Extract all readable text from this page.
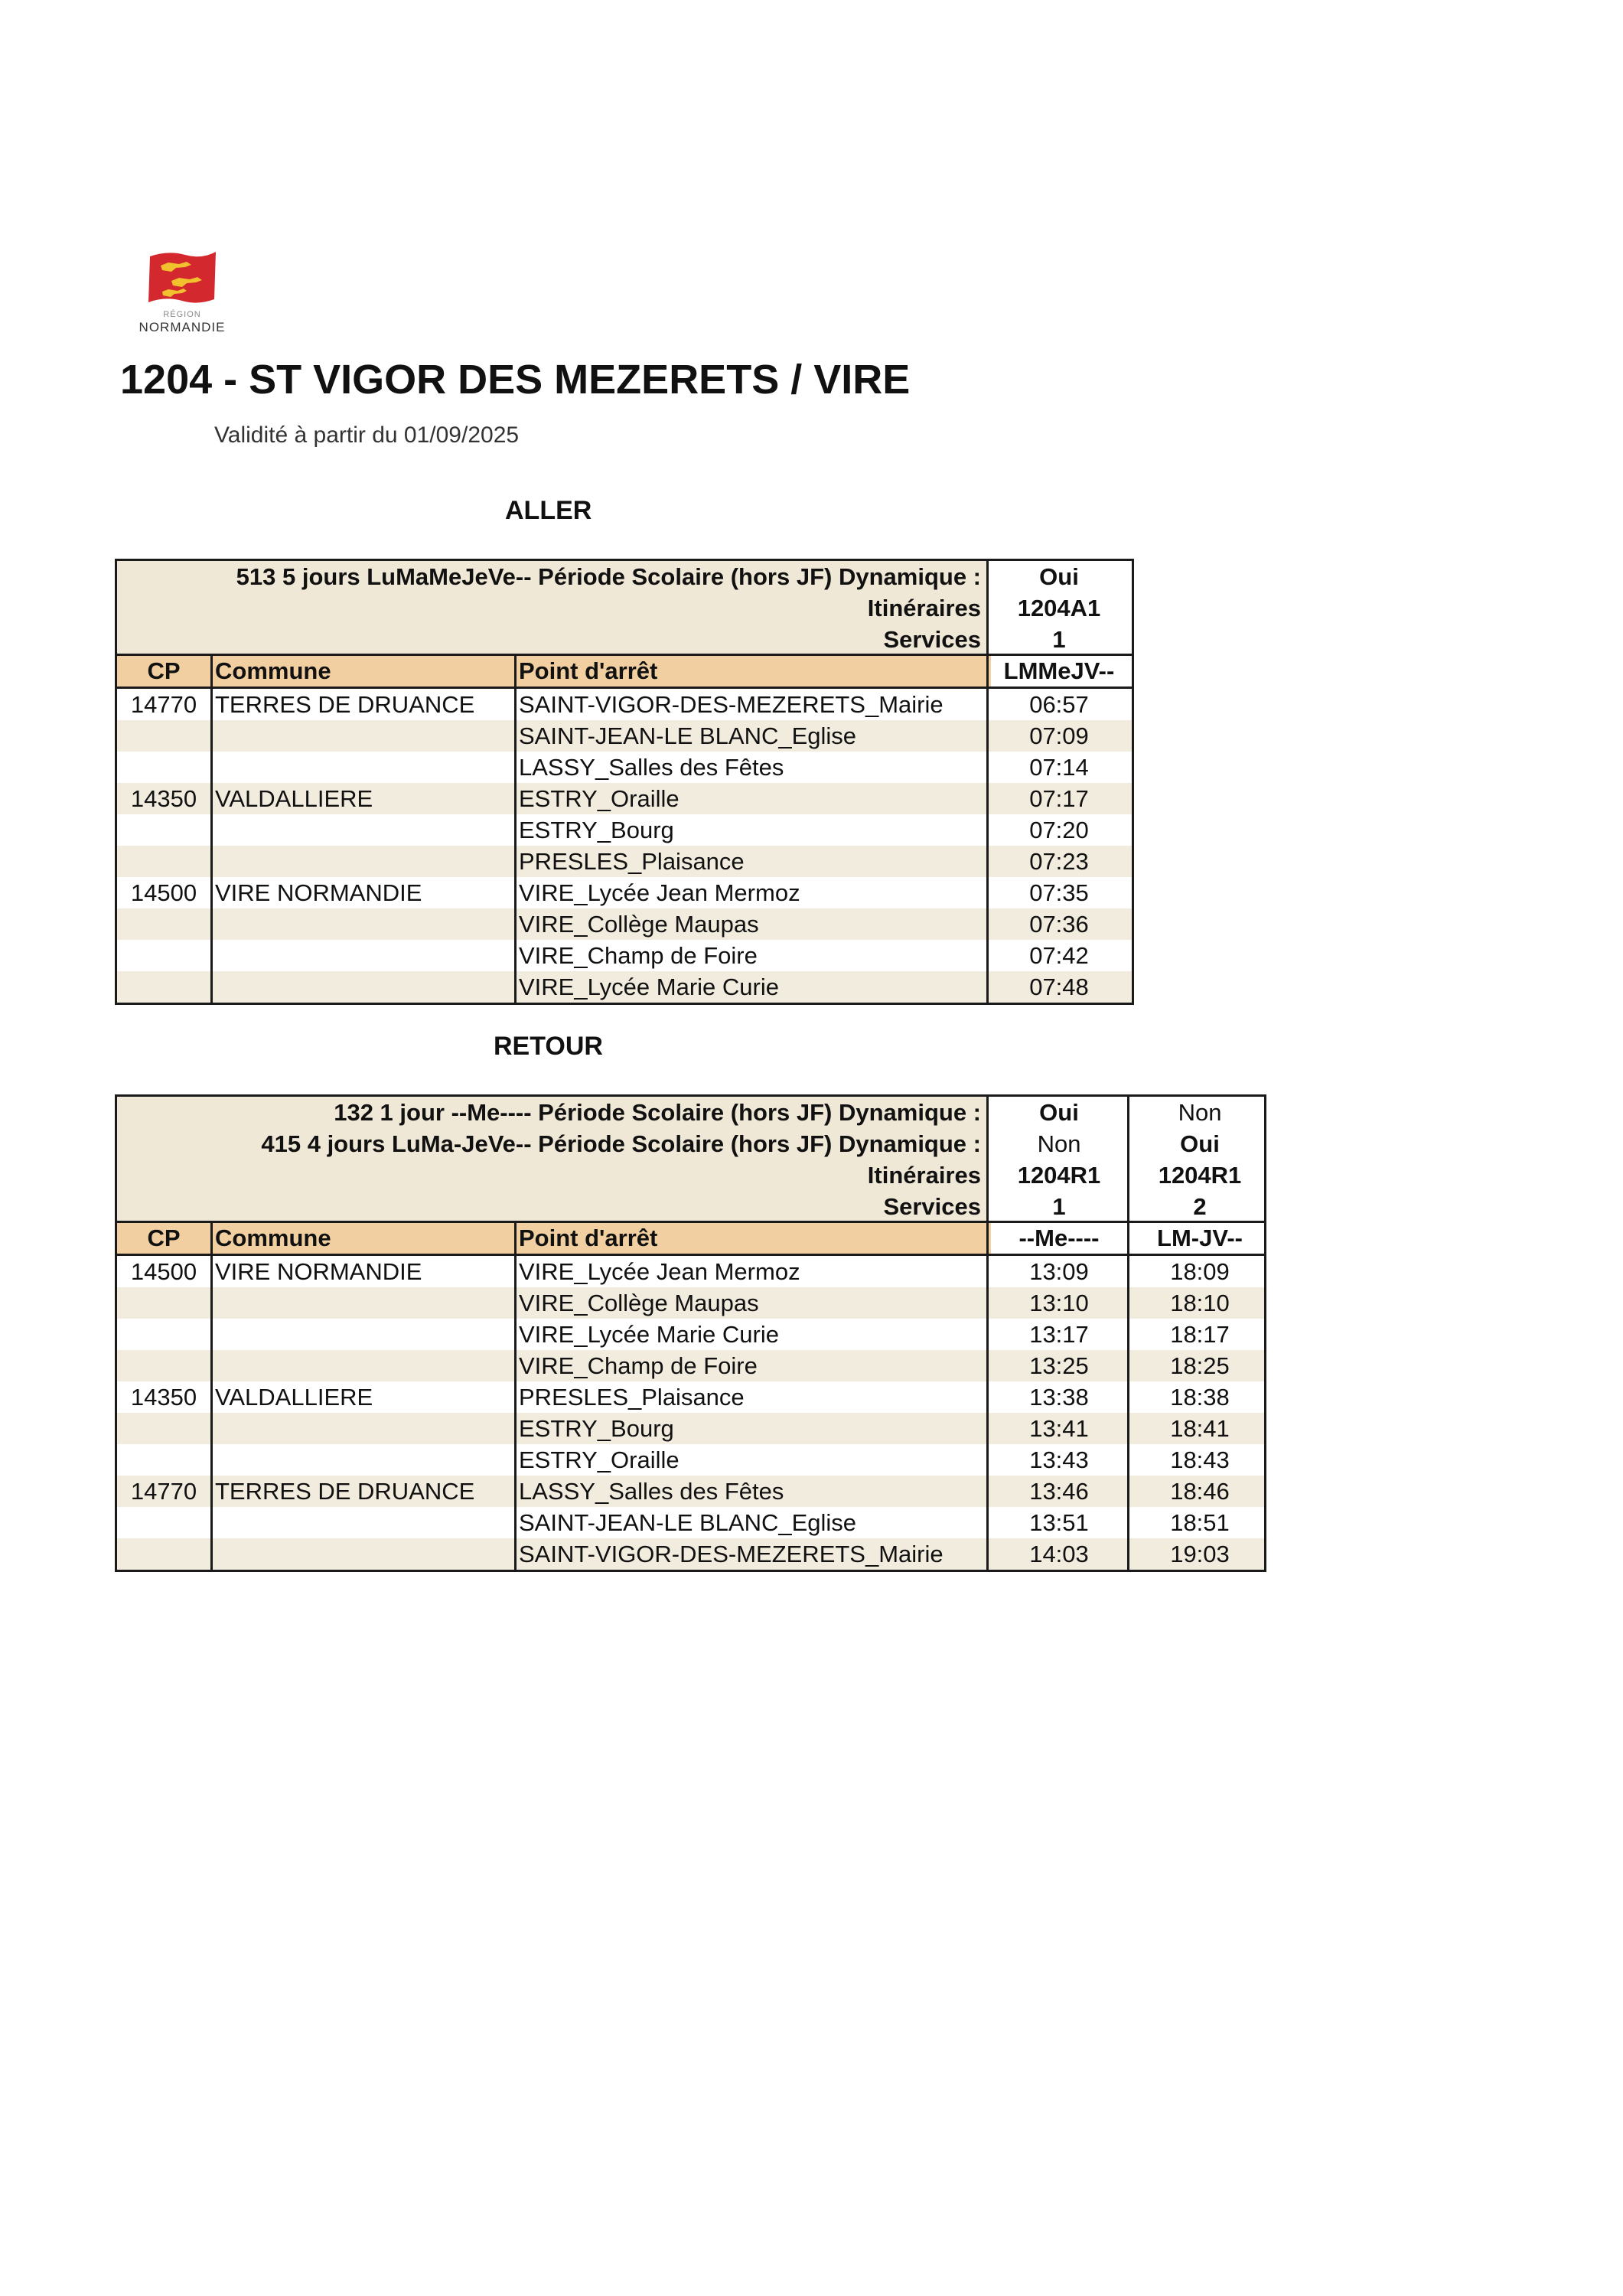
RÉGION
NORMANDIE
1204 - ST VIGOR DES MEZERETS / VIRE
Validité à partir du 01/09/2025
ALLER
513 5 jours LuMaMeJeVe-- Période Scolaire (hors JF) Dynamique :	Oui
Itinéraires	1204A1
Services	1
CP	Commune	Point d'arrêt	LMMeJV--
14770 TERRES DE DRUANCE	SAINT-VIGOR-DES-MEZERETS_Mairie	06:57
SAINT-JEAN-LE BLANC_Eglise	07:09
LASSY_Salles des Fêtes	07:14
14350 VALDALLIERE	ESTRY_Oraille	07:17
ESTRY_Bourg	07:20
PRESLES_Plaisance	07:23
14500 VIRE NORMANDIE	VIRE_Lycée Jean Mermoz	07:35
VIRE_Collège Maupas	07:36
VIRE_Champ de Foire	07:42
VIRE_Lycée Marie Curie	07:48
RETOUR
132 1 jour --Me---- Période Scolaire (hors JF) Dynamique :	Oui	Non
415 4 jours LuMa-JeVe-- Période Scolaire (hors JF) Dynamique :	Non	Oui
Itinéraires	1204R1	1204R1
Services	1	2
CP	Commune	Point d'arrêt	--Me----	LM-JV--
14500 VIRE NORMANDIE	VIRE_Lycée Jean Mermoz	13:09	18:09
VIRE_Collège Maupas	13:10	18:10
VIRE_Lycée Marie Curie	13:17	18:17
VIRE_Champ de Foire	13:25	18:25
14350 VALDALLIERE	PRESLES_Plaisance	13:38	18:38
ESTRY_Bourg	13:41	18:41
ESTRY_Oraille	13:43	18:43
14770 TERRES DE DRUANCE	LASSY_Salles des Fêtes	13:46	18:46
SAINT-JEAN-LE BLANC_Eglise	13:51	18:51
SAINT-VIGOR-DES-MEZERETS_Mairie	14:03	19:03
